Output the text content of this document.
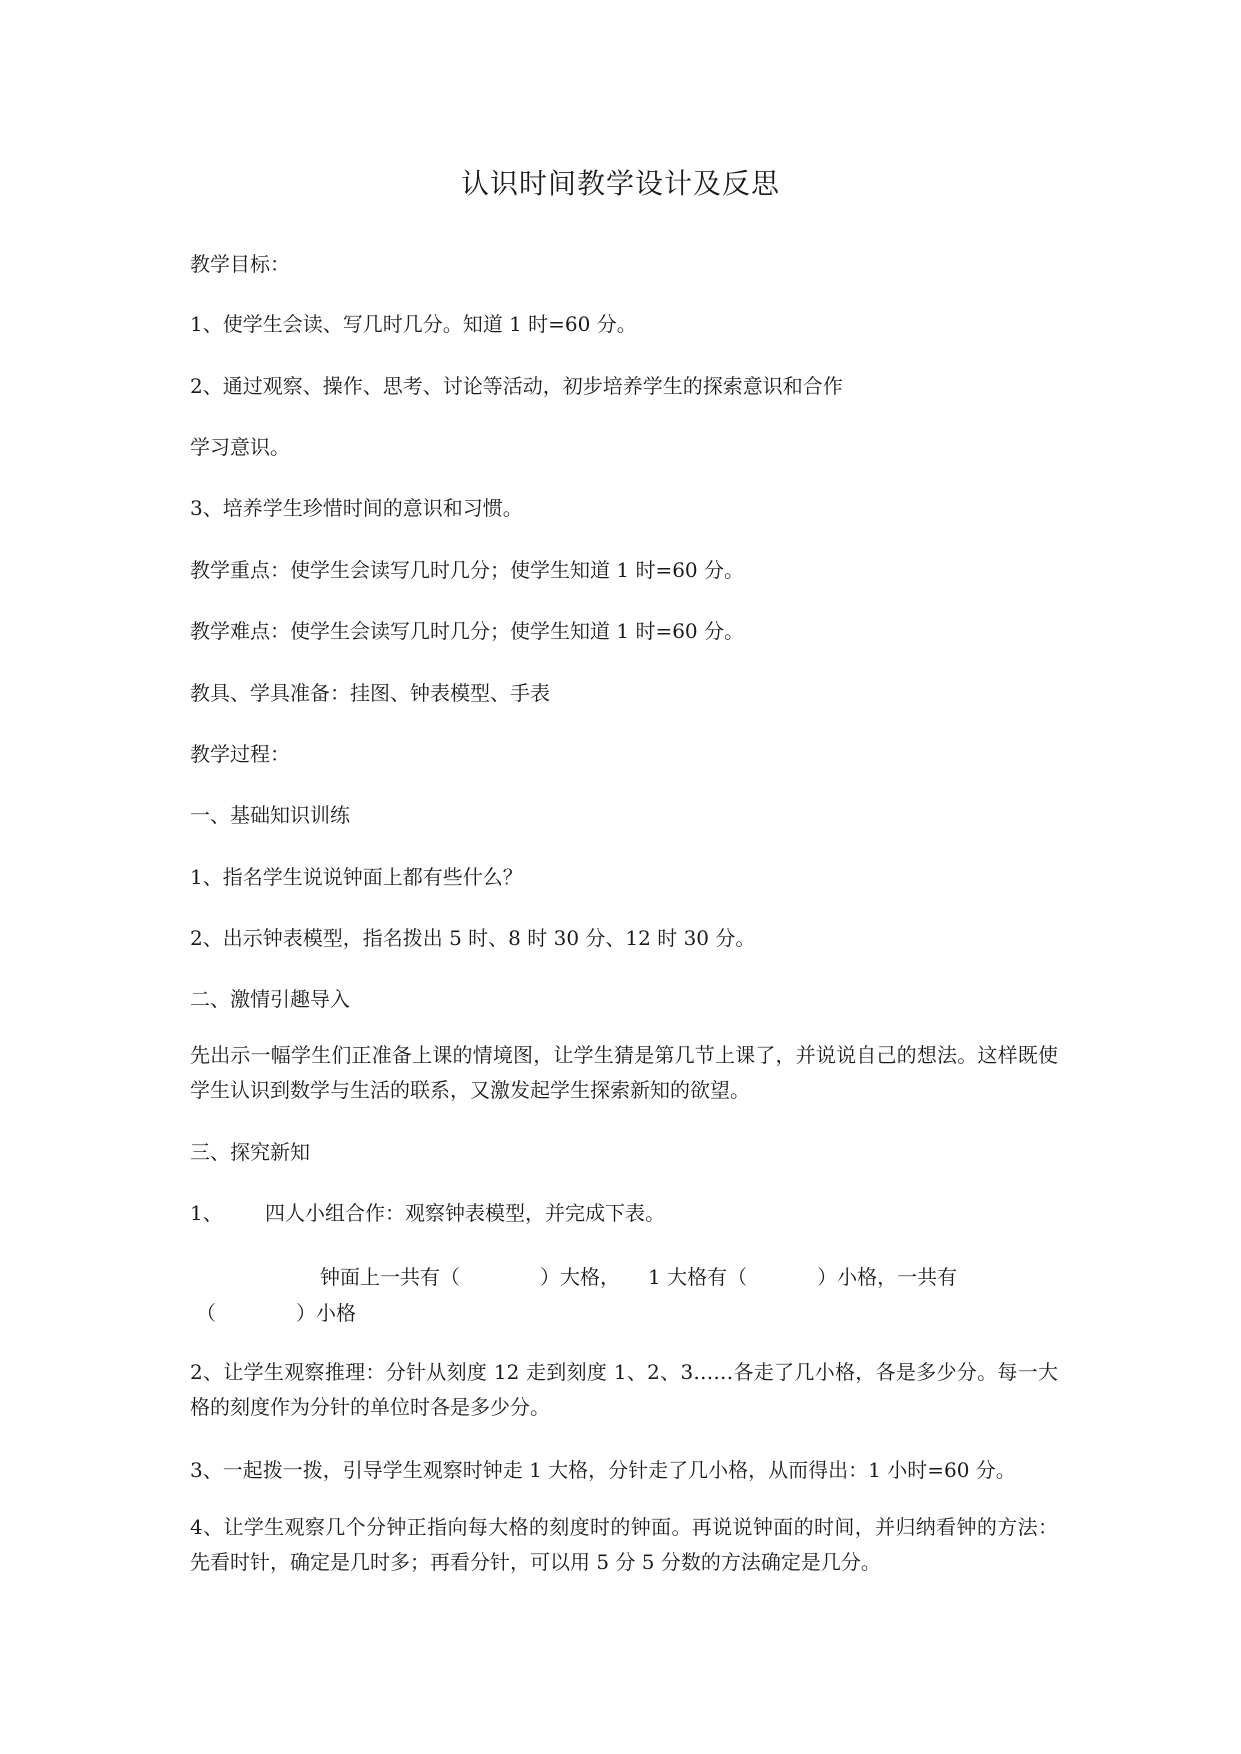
认识时间教学设计及反思

教学目标：

1、使学生会读、写几时几分。知道 1 时=60 分。

2、通过观察、操作、思考、讨论等活动，初步培养学生的探索意识和合作

学习意识。

3、培养学生珍惜时间的意识和习惯。

教学重点：使学生会读写几时几分；使学生知道 1 时=60 分。

教学难点：使学生会读写几时几分；使学生知道 1 时=60 分。

教具、学具准备：挂图、钟表模型、手表

教学过程：

一、基础知识训练

1、指名学生说说钟面上都有些什么？

2、出示钟表模型，指名拨出 5 时、8 时 30 分、12 时 30 分。

二、激情引趣导入

先出示一幅学生们正准备上课的情境图，让学生猜是第几节上课了，并说说自己的想法。这样既使学生认识到数学与生活的联系，又激发起学生探索新知的欲望。

三、探究新知

1、 四人小组合作：观察钟表模型，并完成下表。

钟面上一共有（	）大格， 1 大格有（	）小格，一共有

（	）小格

2、让学生观察推理：分针从刻度 12 走到刻度 1、2、3……各走了几小格，各是多少分。每一大格的刻度作为分针的单位时各是多少分。

3、一起拨一拨，引导学生观察时钟走 1 大格，分针走了几小格，从而得出：1 小时=60 分。

4、让学生观察几个分钟正指向每大格的刻度时的钟面。再说说钟面的时间，并归纳看钟的方法：先看时针，确定是几时多；再看分针，可以用 5 分 5 分数的方法确定是几分。
